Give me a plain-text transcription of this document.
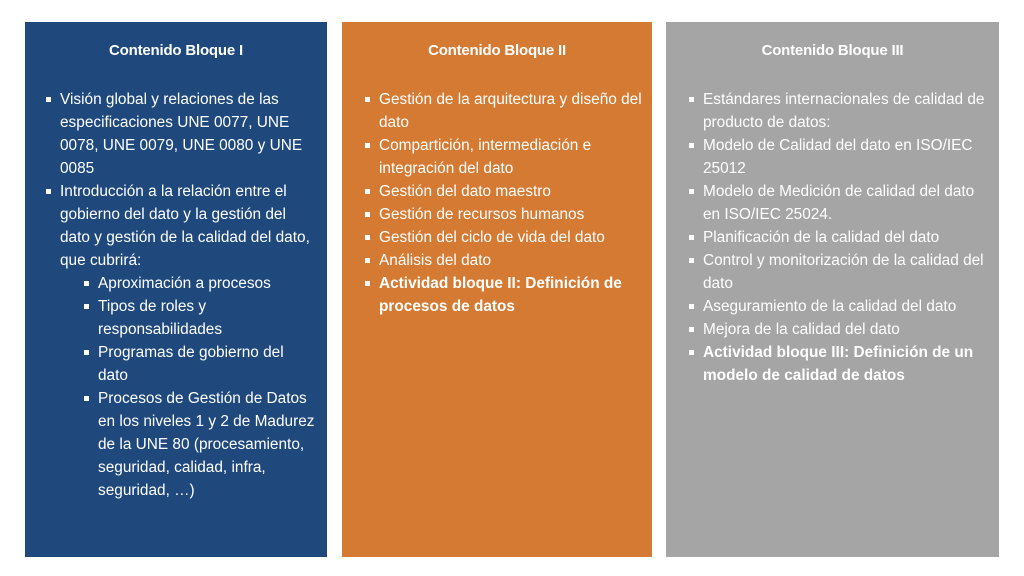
Contenido Bloque I
Visión global y relaciones de las especificaciones UNE 0077, UNE 0078, UNE 0079, UNE 0080 y UNE 0085
Introducción a la relación entre el gobierno del dato y la gestión del dato y gestión de la calidad del dato, que cubrirá:
Aproximación a procesos
Tipos de roles y responsabilidades
Programas de gobierno del dato
Procesos de Gestión de Datos en los niveles 1 y 2 de Madurez de la UNE 80 (procesamiento, seguridad, calidad, infra, seguridad, …)
Contenido Bloque II
Gestión de la arquitectura y diseño del dato
Compartición, intermediación e integración del dato
Gestión del dato maestro
Gestión de recursos humanos
Gestión del ciclo de vida del dato
Análisis del dato
Actividad bloque II: Definición de procesos de datos
Contenido Bloque III
Estándares internacionales de calidad de producto de datos:
Modelo de Calidad del dato en ISO/IEC 25012
Modelo de Medición de calidad del dato en ISO/IEC 25024.
Planificación de la calidad del dato
Control y monitorización de la calidad del dato
Aseguramiento de la calidad del dato
Mejora de la calidad del dato
Actividad bloque III: Definición de un modelo de calidad de datos
